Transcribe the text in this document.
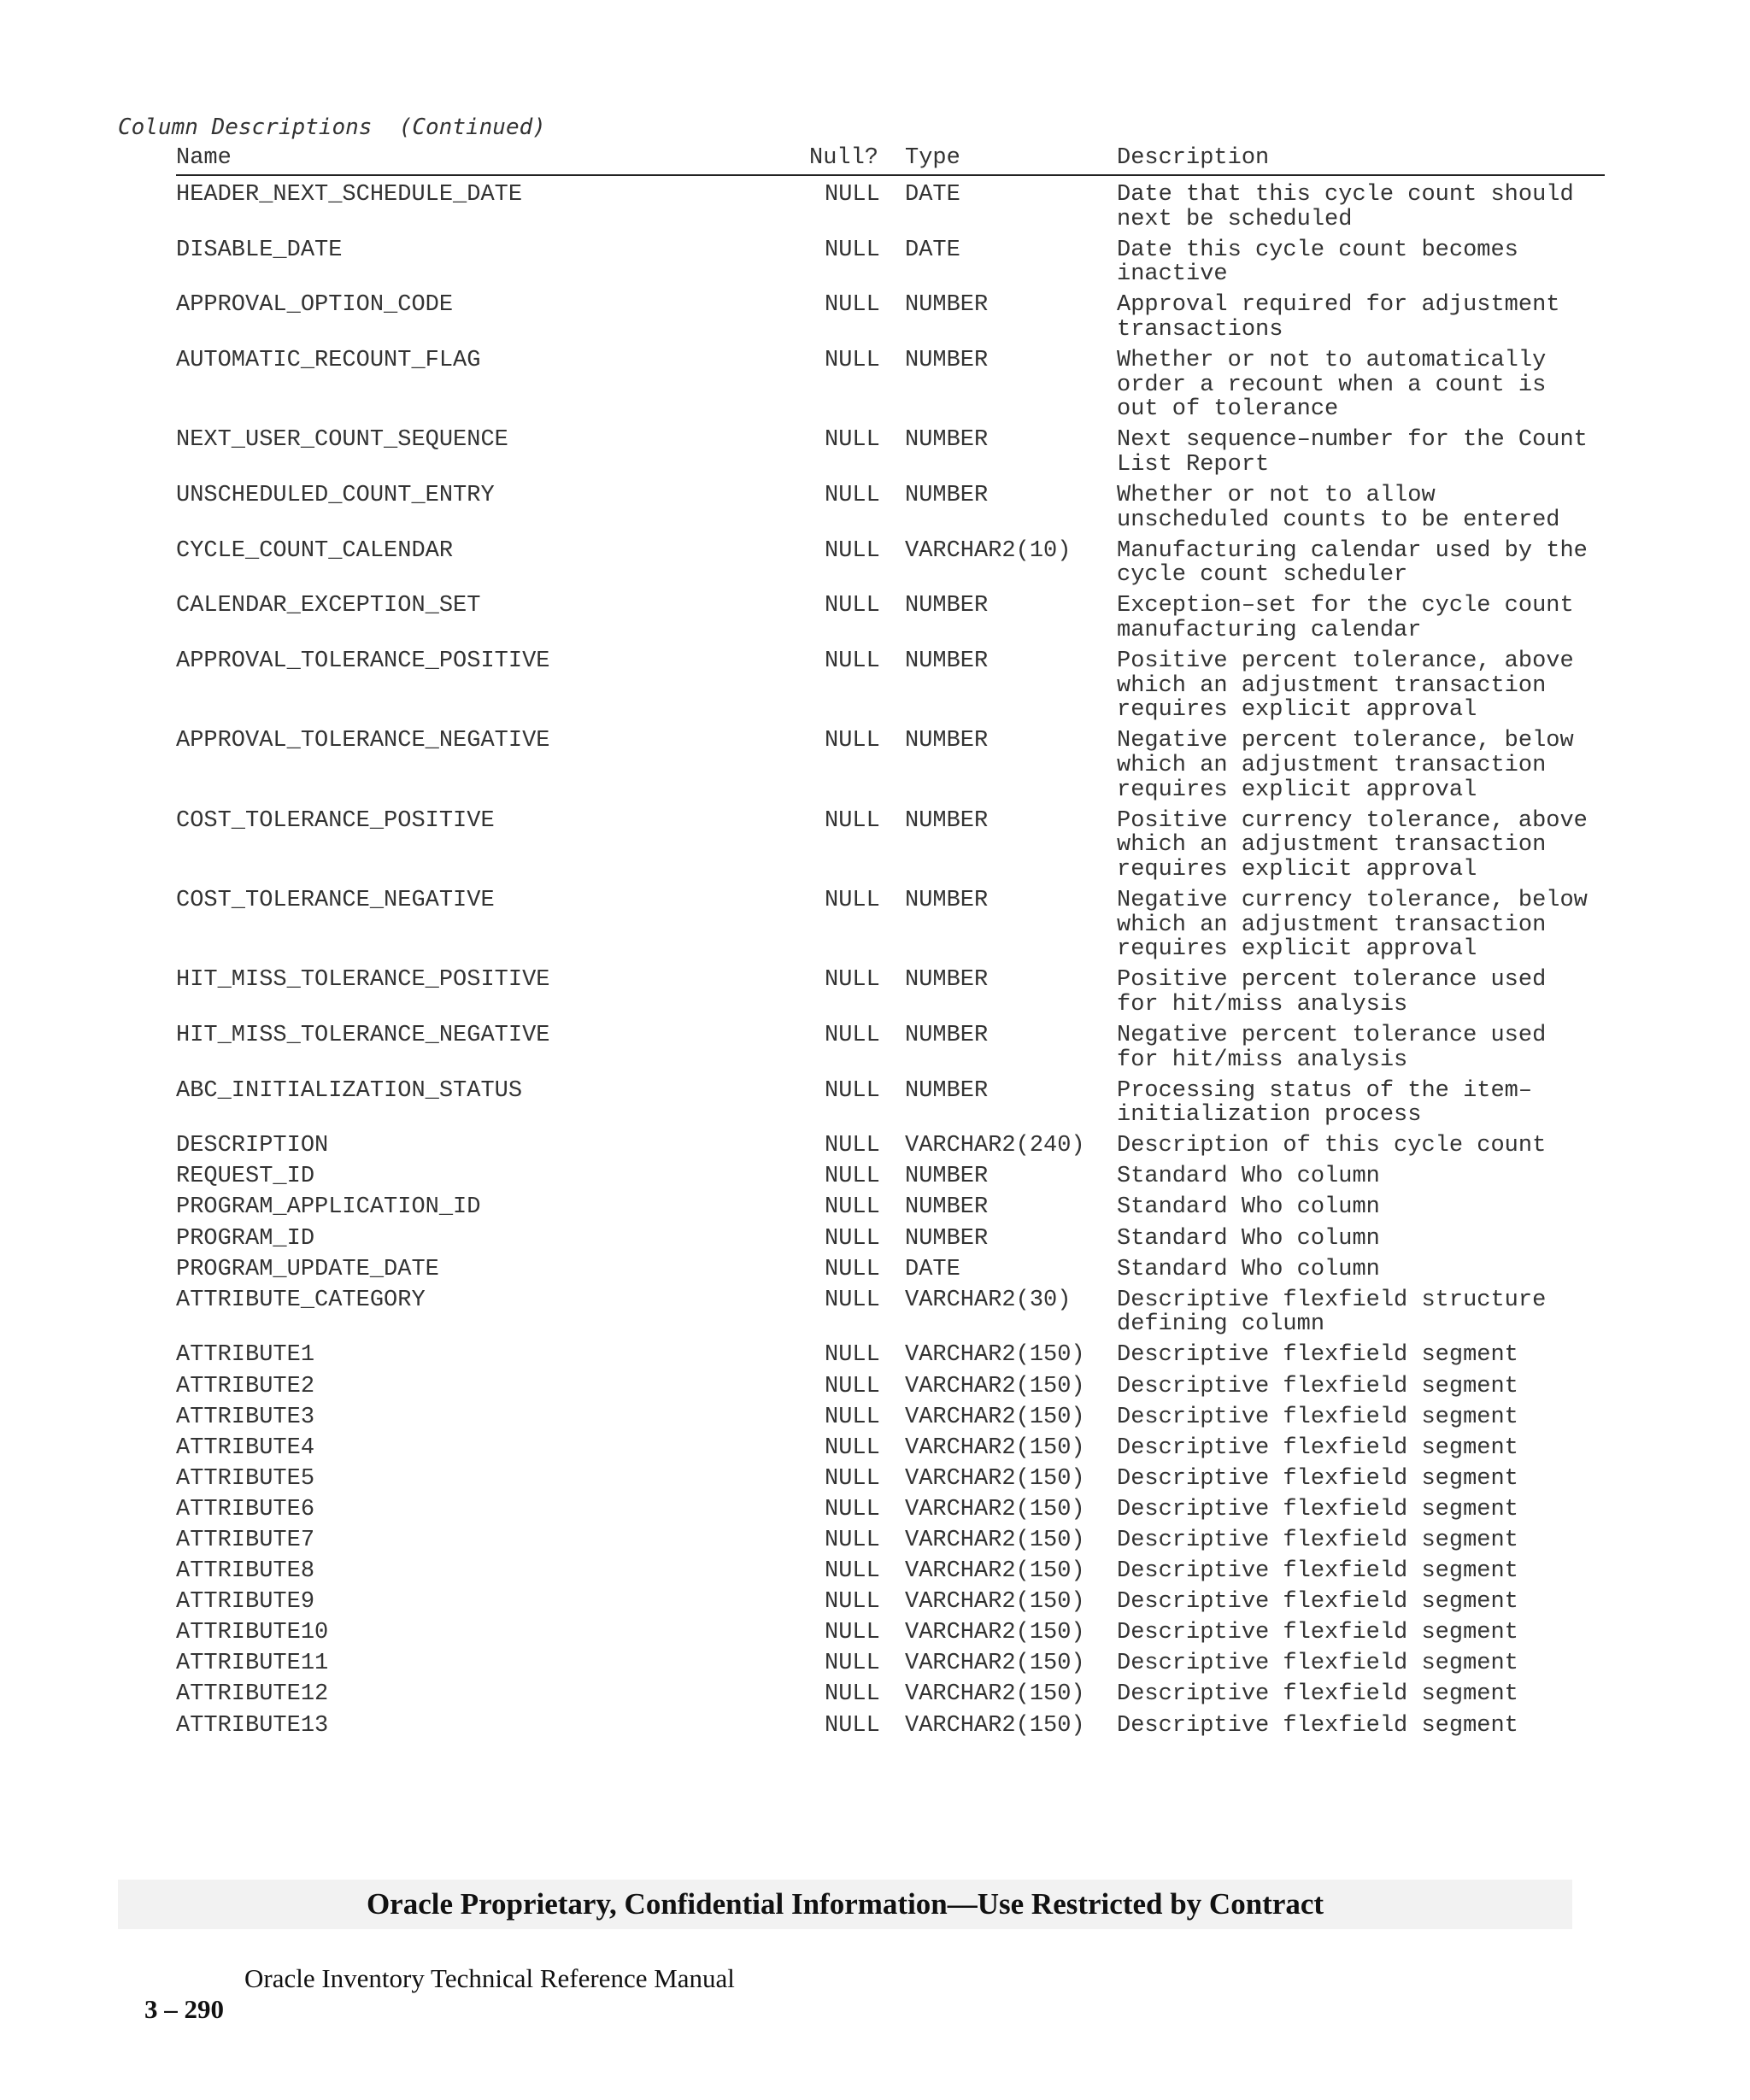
Column Descriptions  (Continued)
Name	Null? Type	Description
HEADER_NEXT_SCHEDULE_DATE	NULL DATE	Date that this cycle count should next be scheduled
DISABLE_DATE	NULL DATE	Date this cycle count becomes inactive
APPROVAL_OPTION_CODE	NULL NUMBER	Approval required for adjustment transactions
AUTOMATIC_RECOUNT_FLAG	NULL NUMBER	Whether or not to automatically order a recount when a count is out of tolerance
NEXT_USER_COUNT_SEQUENCE	NULL NUMBER	Next sequence–number for the Count List Report
UNSCHEDULED_COUNT_ENTRY	NULL NUMBER	Whether or not to allow unscheduled counts to be entered
CYCLE_COUNT_CALENDAR	NULL VARCHAR2(10) Manufacturing calendar used by the cycle count scheduler
CALENDAR_EXCEPTION_SET	NULL NUMBER	Exception–set for the cycle count manufacturing calendar
APPROVAL_TOLERANCE_POSITIVE	NULL NUMBER	Positive percent tolerance, above which an adjustment transaction requires explicit approval
APPROVAL_TOLERANCE_NEGATIVE	NULL NUMBER	Negative percent tolerance, below which an adjustment transaction requires explicit approval
COST_TOLERANCE_POSITIVE	NULL NUMBER	Positive currency tolerance, above which an adjustment transaction requires explicit approval
COST_TOLERANCE_NEGATIVE	NULL NUMBER	Negative currency tolerance, below which an adjustment transaction requires explicit approval
HIT_MISS_TOLERANCE_POSITIVE	NULL NUMBER	Positive percent tolerance used for hit/miss analysis
HIT_MISS_TOLERANCE_NEGATIVE	NULL NUMBER	Negative percent tolerance used for hit/miss analysis
ABC_INITIALIZATION_STATUS	NULL NUMBER	Processing status of the item–initialization process
DESCRIPTION	NULL VARCHAR2(240) Description of this cycle count
REQUEST_ID	NULL NUMBER	Standard Who column
PROGRAM_APPLICATION_ID	NULL NUMBER	Standard Who column
PROGRAM_ID	NULL NUMBER	Standard Who column
PROGRAM_UPDATE_DATE	NULL DATE	Standard Who column
ATTRIBUTE_CATEGORY	NULL VARCHAR2(30) Descriptive flexfield structure defining column
ATTRIBUTE1	NULL VARCHAR2(150) Descriptive flexfield segment
ATTRIBUTE2	NULL VARCHAR2(150) Descriptive flexfield segment
ATTRIBUTE3	NULL VARCHAR2(150) Descriptive flexfield segment
ATTRIBUTE4	NULL VARCHAR2(150) Descriptive flexfield segment
ATTRIBUTE5	NULL VARCHAR2(150) Descriptive flexfield segment
ATTRIBUTE6	NULL VARCHAR2(150) Descriptive flexfield segment
ATTRIBUTE7	NULL VARCHAR2(150) Descriptive flexfield segment
ATTRIBUTE8	NULL VARCHAR2(150) Descriptive flexfield segment
ATTRIBUTE9	NULL VARCHAR2(150) Descriptive flexfield segment
ATTRIBUTE10	NULL VARCHAR2(150) Descriptive flexfield segment
ATTRIBUTE11	NULL VARCHAR2(150) Descriptive flexfield segment
ATTRIBUTE12	NULL VARCHAR2(150) Descriptive flexfield segment
ATTRIBUTE13	NULL VARCHAR2(150) Descriptive flexfield segment
Oracle Proprietary, Confidential Information––Use Restricted by Contract

3 – 290

Oracle Inventory Technical Reference Manual
